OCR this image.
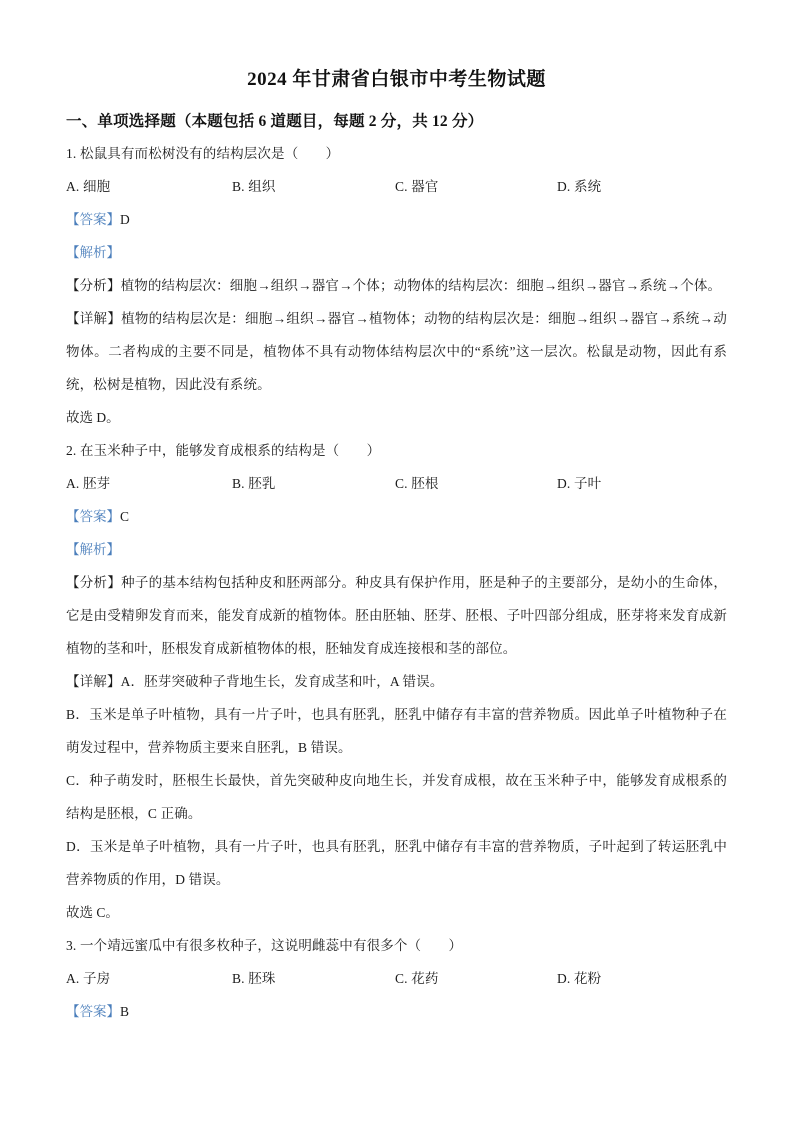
2024 年甘肃省白银市中考生物试题
一、单项选择题（本题包括 6 道题目，每题 2 分，共 12 分）

1. 松鼠具有而松树没有的结构层次是（　　）

A. 细胞	B. 组织	C. 器官	D. 系统

【答案】D

【解析】

【分析】植物的结构层次：细胞→组织→器官→个体；动物体的结构层次：细胞→组织→器官→系统→个体。

【详解】植物的结构层次是：细胞→组织→器官→植物体；动物的结构层次是：细胞→组织→器官→系统→动物体。二者构成的主要不同是，植物体不具有动物体结构层次中的“系统”这一层次。松鼠是动物，因此有系统，松树是植物，因此没有系统。

故选 D。

2. 在玉米种子中，能够发育成根系的结构是（　　）

A. 胚芽	B. 胚乳	C. 胚根	D. 子叶

【答案】C

【解析】

【分析】种子的基本结构包括种皮和胚两部分。种皮具有保护作用，胚是种子的主要部分，是幼小的生命体，它是由受精卵发育而来，能发育成新的植物体。胚由胚轴、胚芽、胚根、子叶四部分组成，胚芽将来发育成新植物的茎和叶，胚根发育成新植物体的根，胚轴发育成连接根和茎的部位。

【详解】A．胚芽突破种子背地生长，发育成茎和叶，A 错误。

B．玉米是单子叶植物，具有一片子叶，也具有胚乳，胚乳中储存有丰富的营养物质。因此单子叶植物种子在萌发过程中，营养物质主要来自胚乳，B 错误。

C．种子萌发时，胚根生长最快，首先突破种皮向地生长，并发育成根，故在玉米种子中，能够发育成根系的结构是胚根，C 正确。

D．玉米是单子叶植物，具有一片子叶，也具有胚乳，胚乳中储存有丰富的营养物质，子叶起到了转运胚乳中营养物质的作用，D 错误。

故选 C。

3. 一个靖远蜜瓜中有很多枚种子，这说明雌蕊中有很多个（　　）

A. 子房	B. 胚珠	C. 花药	D. 花粉

【答案】B
